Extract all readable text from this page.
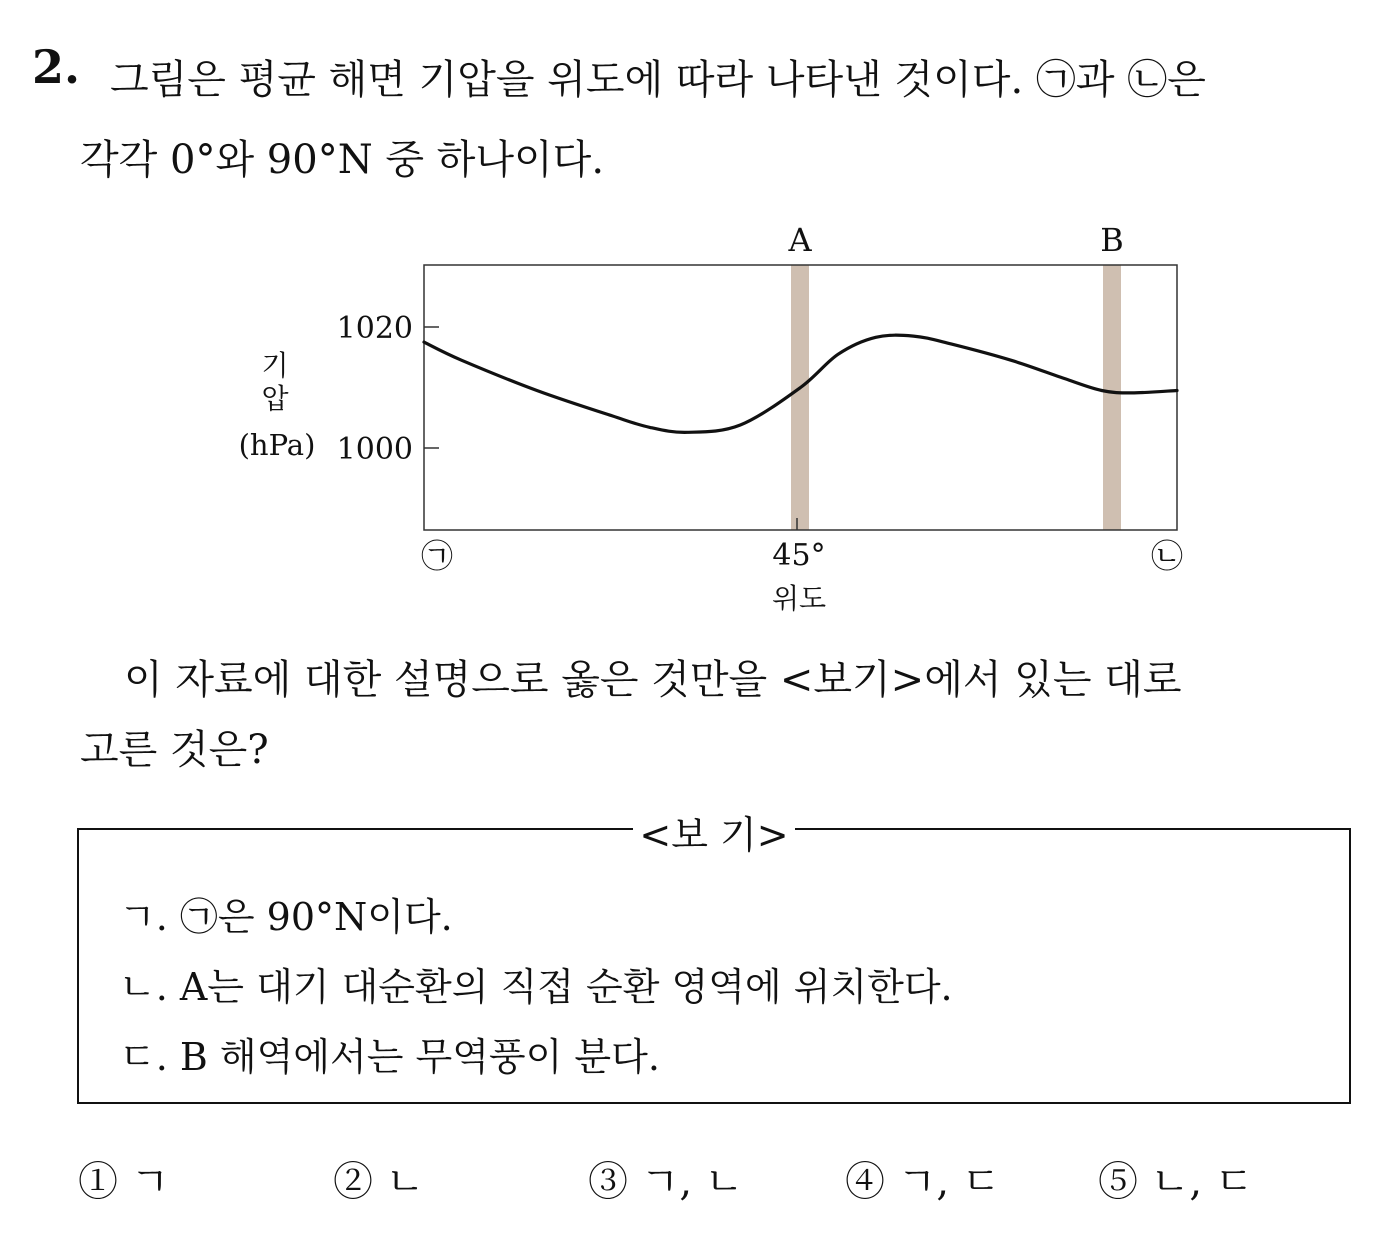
2. 그림은 평균 해면 기압을 위도에 따라 나타낸 것이다. ㉠과 ㉡은
각각 0°와 90°N 중 하나이다.
A	B
1020
1000
기
압
(hPa)
㉠	45°	㉡
위도
이 자료에 대한 설명으로 옳은 것만을 <보기>에서 있는 대로
고른 것은?
<보 기>
ㄱ. ㉠은 90°N이다.
ㄴ. A는 대기 대순환의 직접 순환 영역에 위치한다.
ㄷ. B 해역에서는 무역풍이 분다.
① ㄱ	② ㄴ	③ ㄱ, ㄴ	④ ㄱ, ㄷ ⑤ ㄴ, ㄷ
